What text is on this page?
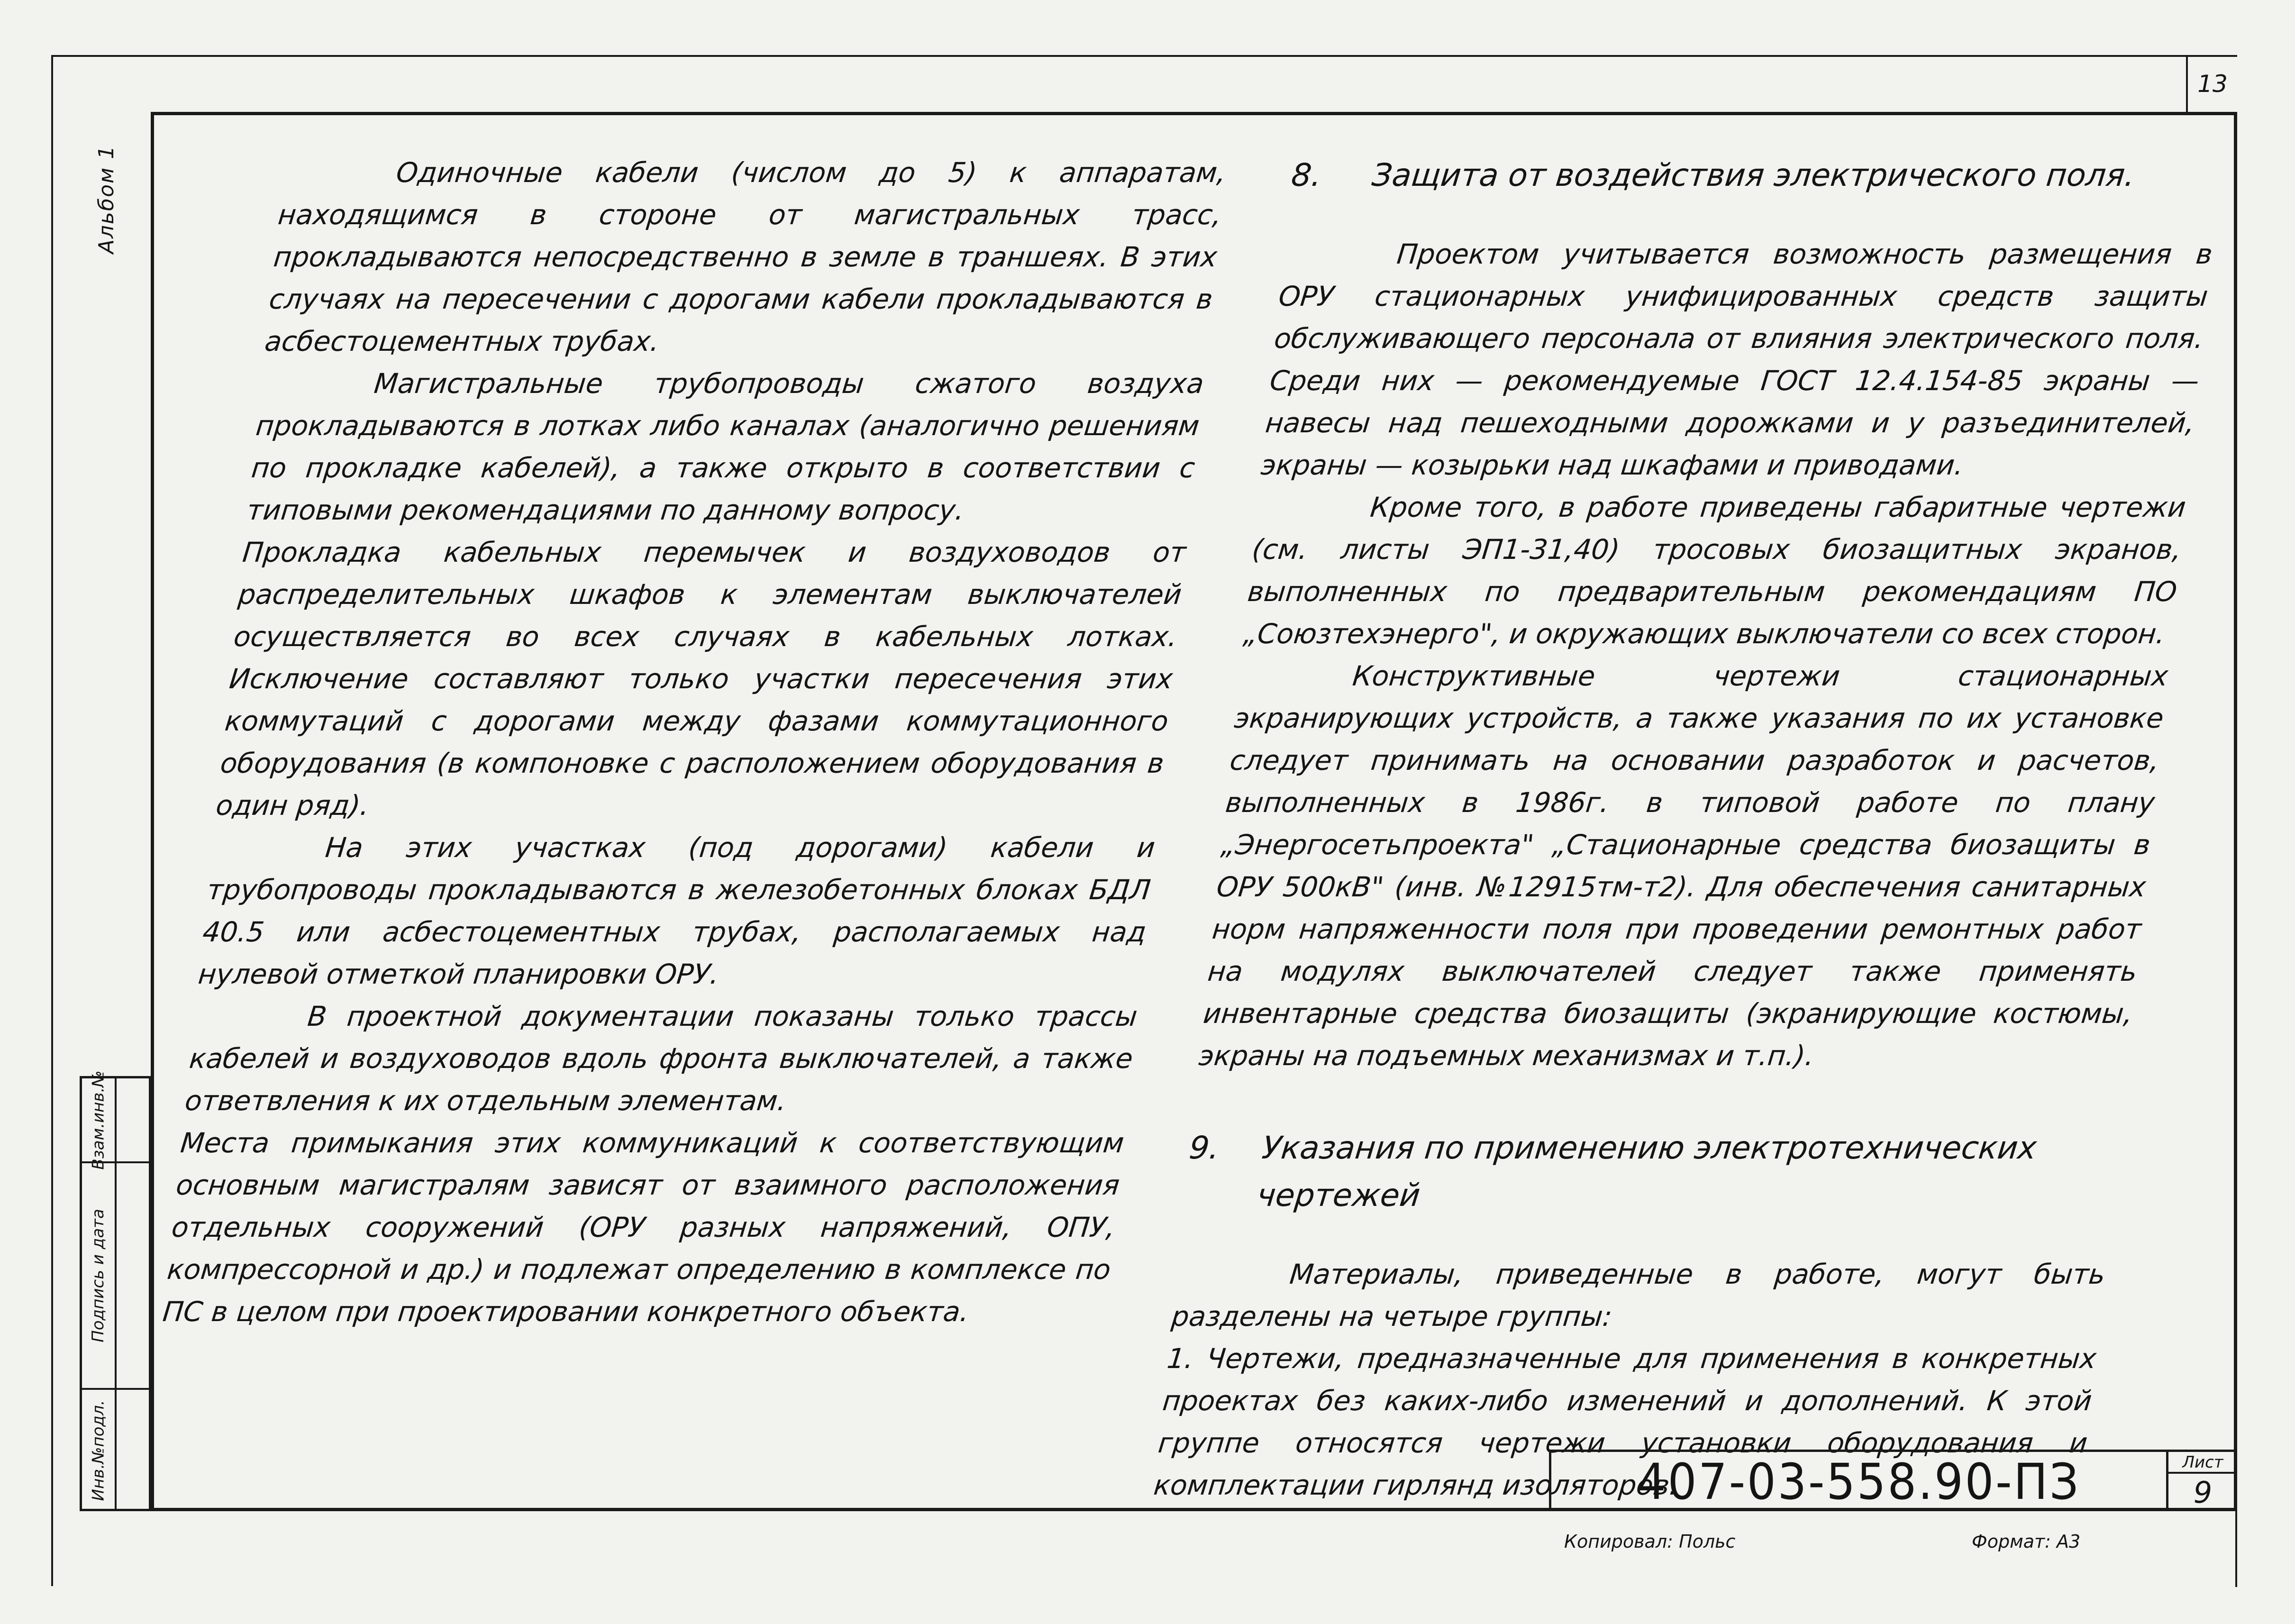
13
Альбом 1
Взам.инв.№
Подпись и дата
Инв.№подл.

Одиночные кабели (числом до 5) к аппаратам, находящимся в стороне от магистральных трасс, прокладываются непосредственно в земле в траншеях. В этих случаях на пересечении с дорогами кабели прокладываются в асбестоцементных трубах.

Магистральные трубопроводы сжатого воздуха прокладываются в лотках либо каналах (аналогично решениям по прокладке кабелей), а также открыто в соответствии с типовыми рекомендациями по данному вопросу.

Прокладка кабельных перемычек и воздуховодов от распределительных шкафов к элементам выключателей осуществляется во всех случаях в кабельных лотках. Исключение составляют только участки пересечения этих коммутаций с дорогами между фазами коммутационного оборудования (в компоновке с расположением оборудования в один ряд).

На этих участках (под дорогами) кабели и трубопроводы прокладываются в железобетонных блоках БДЛ 40.5 или асбестоцементных трубах, располагаемых над нулевой отметкой планировки ОРУ.

В проектной документации показаны только трассы кабелей и воздуховодов вдоль фронта выключателей, а также ответвления к их отдельным элементам.

Места примыкания этих коммуникаций к соответствующим основным магистралям зависят от взаимного расположения отдельных сооружений (ОРУ разных напряжений, ОПУ, компрессорной и др.) и подлежат определению в комплексе по ПС в целом при проектировании конкретного объекта.

8.	Защита от воздействия электрического поля.

Проектом учитывается возможность размещения в ОРУ стационарных унифицированных средств защиты обслуживающего персонала от влияния электрического поля. Среди них — рекомендуемые ГОСТ 12.4.154-85 экраны — навесы над пешеходными дорожками и у разъединителей, экраны — козырьки над шкафами и приводами.

Кроме того, в работе приведены габаритные чертежи (см. листы ЭП1-31,40) тросовых биозащитных экранов, выполненных по предварительным рекомендациям ПО „Союзтехэнерго", и окружающих выключатели со всех сторон.

Конструктивные чертежи стационарных экранирующих устройств, а также указания по их установке следует принимать на основании разработок и расчетов, выполненных в 1986г. в типовой работе по плану „Энергосетьпроекта" „Стационарные средства биозащиты в ОРУ 500кВ" (инв. №12915тм-т2). Для обеспечения санитарных норм напряженности поля при проведении ремонтных работ на модулях выключателей следует также применять инвентарные средства биозащиты (экранирующие костюмы, экраны на подъемных механизмах и т.п.).

9.	Указания по применению электротехнических чертежей

Материалы, приведенные в работе, могут быть разделены на четыре группы:

1. Чертежи, предназначенные для применения в конкретных проектах без каких-либо изменений и дополнений. К этой группе относятся чертежи установки оборудования и комплектации гирлянд изоляторов.

407-03-558.90-ПЗ	Лист
9
Копировал: Польс	Формат: А3
